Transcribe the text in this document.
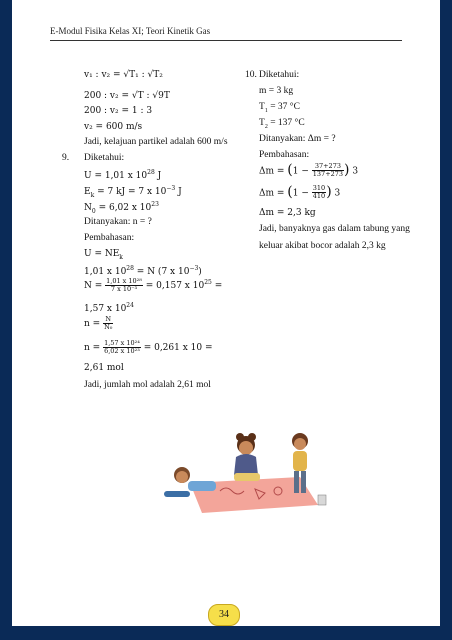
E-Modul Fisika Kelas XI; Teori Kinetik Gas
v₁ : v₂ = √T₁ : √T₂
200 : v₂ = √T : √9T
200 : v₂ = 1 : 3
v₂ = 600 m/s
Jadi, kelajuan partikel adalah 600 m/s
9. Diketahui:
U = 1,01 x $10^{28}$ J
$E_k = 7$ kJ = 7 x $10^{-3}$ J
$N_0 = 6,02$ x $10^{23}$
Ditanyakan: n = ?
Pembahasan:
$U = NE_k$
1,01 x $10^{28} = N$ (7 x $10^{-3}$)
$N = \frac{\text{1,01 x 10²⁸}}{\text{7 x 10⁻³}} = 0,157$ x $10^{25}$ =
1,57 x $10^{24}$
$n = \frac{N}{\text{N₀}}$
$n = \frac{\text{1,57 x 10²⁴}}{\text{6,02 x 10²³}} = 0,261$ x 10 =
2,61 mol
Jadi, jumlah mol adalah 2,61 mol
10. Diketahui:
m = 3 kg
$T_1 = 37$ °C
$T_2 = 137$ °C
Ditanyakan: Δm = ?
Pembahasan:
$\Delta m = (1 - \frac{37+273}{137+273}$ ) 3
$\Delta m = (1 - \frac{310}{410}$ ) 3
Δm = 2,3 kg
Jadi, banyaknya gas dalam tabung yang
keluar akibat bocor adalah 2,3 kg
34
